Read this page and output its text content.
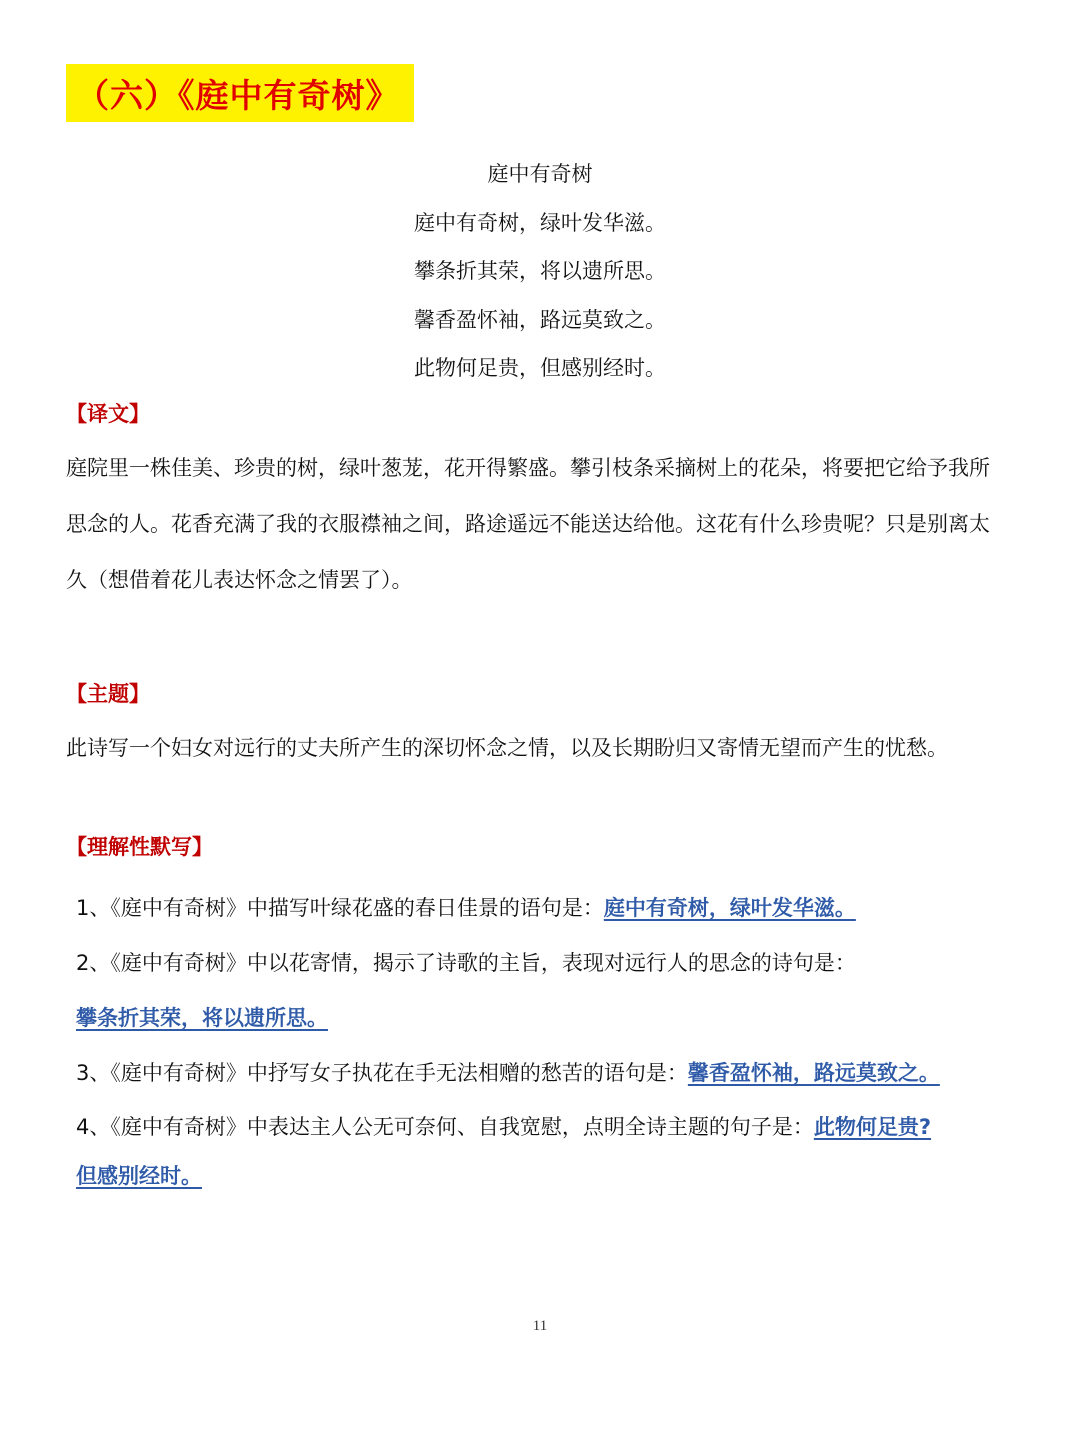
（六）《庭中有奇树》
庭中有奇树
庭中有奇树，绿叶发华滋。
攀条折其荣，将以遗所思。
馨香盈怀袖，路远莫致之。
此物何足贵，但感别经时。
【译文】
庭院里一株佳美、珍贵的树，绿叶葱茏，花开得繁盛。攀引枝条采摘树上的花朵，将要把它给予我所
思念的人。花香充满了我的衣服襟袖之间，路途遥远不能送达给他。这花有什么珍贵呢？只是别离太
久（想借着花儿表达怀念之情罢了）。
【主题】
此诗写一个妇女对远行的丈夫所产生的深切怀念之情，以及长期盼归又寄情无望而产生的忧愁。
【理解性默写】
1、《庭中有奇树》中描写叶绿花盛的春日佳景的语句是：庭中有奇树，绿叶发华滋。
2、《庭中有奇树》中以花寄情，揭示了诗歌的主旨，表现对远行人的思念的诗句是：
攀条折其荣，将以遗所思。
3、《庭中有奇树》中抒写女子执花在手无法相赠的愁苦的语句是：馨香盈怀袖，路远莫致之。
4、《庭中有奇树》中表达主人公无可奈何、自我宽慰，点明全诗主题的句子是：此物何足贵?
但感别经时。
11
